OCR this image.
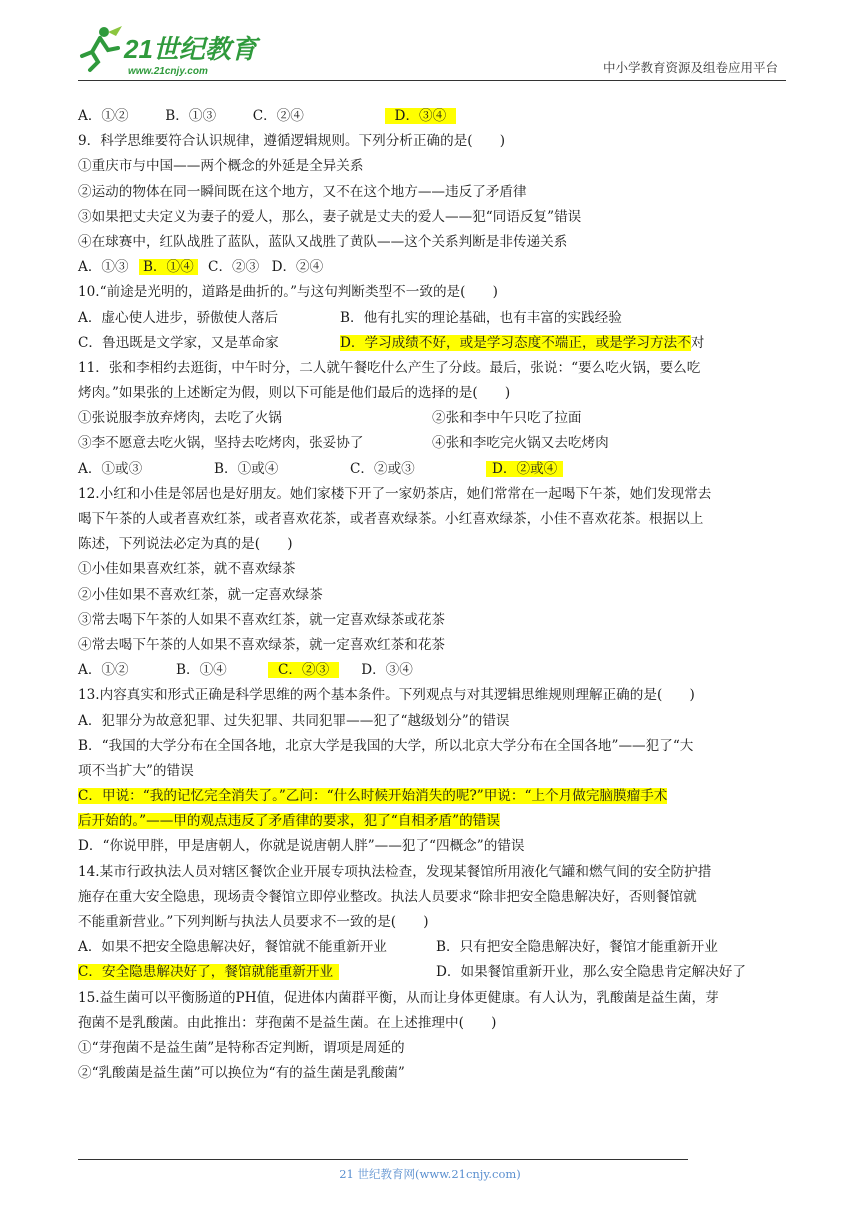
21世纪教育
www.21cnjy.com	中小学教育资源及组卷应用平台
A．①②	B．①③	C．②④	D．③④
9．科学思维要符合认识规律，遵循逻辑规则。下列分析正确的是(　　)
①重庆市与中国——两个概念的外延是全异关系
②运动的物体在同一瞬间既在这个地方，又不在这个地方——违反了矛盾律
③如果把丈夫定义为妻子的爱人，那么，妻子就是丈夫的爱人——犯“同语反复”错误
④在球赛中，红队战胜了蓝队，蓝队又战胜了黄队——这个关系判断是非传递关系
A．①③ B．①④ C．②③ D．②④
10.“前途是光明的，道路是曲折的。”与这句判断类型不一致的是(　　)
A．虚心使人进步，骄傲使人落后	B．他有扎实的理论基础，也有丰富的实践经验
C．鲁迅既是文学家，又是革命家	D．学习成绩不好，或是学习态度不端正，或是学习方法不对
11．张和李相约去逛街，中午时分，二人就午餐吃什么产生了分歧。最后，张说：“要么吃火锅，要么吃
烤肉。”如果张的上述断定为假，则以下可能是他们最后的选择的是(　　)
①张说服李放弃烤肉，去吃了火锅	②张和李中午只吃了拉面
③李不愿意去吃火锅，坚持去吃烤肉，张妥协了	④张和李吃完火锅又去吃烤肉
A．①或③	B．①或④	C．②或③	D．②或④
12.小红和小佳是邻居也是好朋友。她们家楼下开了一家奶茶店，她们常常在一起喝下午茶，她们发现常去
喝下午茶的人或者喜欢红茶，或者喜欢花茶，或者喜欢绿茶。小红喜欢绿茶，小佳不喜欢花茶。根据以上
陈述，下列说法必定为真的是(　　)
①小佳如果喜欢红茶，就不喜欢绿茶
②小佳如果不喜欢红茶，就一定喜欢绿茶
③常去喝下午茶的人如果不喜欢红茶，就一定喜欢绿茶或花茶
④常去喝下午茶的人如果不喜欢绿茶，就一定喜欢红茶和花茶
A．①②	B．①④	C．②③ D．③④
13.内容真实和形式正确是科学思维的两个基本条件。下列观点与对其逻辑思维规则理解正确的是(　　)
A．犯罪分为故意犯罪、过失犯罪、共同犯罪——犯了“越级划分”的错误
B．“我国的大学分布在全国各地，北京大学是我国的大学，所以北京大学分布在全国各地”——犯了“大
项不当扩大”的错误
C．甲说：“我的记忆完全消失了。”乙问：“什么时候开始消失的呢?”甲说：“上个月做完脑膜瘤手术
后开始的。”——甲的观点违反了矛盾律的要求，犯了“自相矛盾”的错误
D．“你说甲胖，甲是唐朝人，你就是说唐朝人胖”——犯了“四概念”的错误
14.某市行政执法人员对辖区餐饮企业开展专项执法检查，发现某餐馆所用液化气罐和燃气间的安全防护措
施存在重大安全隐患，现场责令餐馆立即停业整改。执法人员要求“除非把安全隐患解决好，否则餐馆就
不能重新营业。”下列判断与执法人员要求不一致的是(　　)
A．如果不把安全隐患解决好，餐馆就不能重新开业	B．只有把安全隐患解决好，餐馆才能重新开业
C．安全隐患解决好了，餐馆就能重新开业	D．如果餐馆重新开业，那么安全隐患肯定解决好了
15.益生菌可以平衡肠道的PH值，促进体内菌群平衡，从而让身体更健康。有人认为，乳酸菌是益生菌，芽
孢菌不是乳酸菌。由此推出：芽孢菌不是益生菌。在上述推理中(　　)
①“芽孢菌不是益生菌”是特称否定判断，谓项是周延的
②“乳酸菌是益生菌”可以换位为“有的益生菌是乳酸菌”
21 世纪教育网(www.21cnjy.com)
